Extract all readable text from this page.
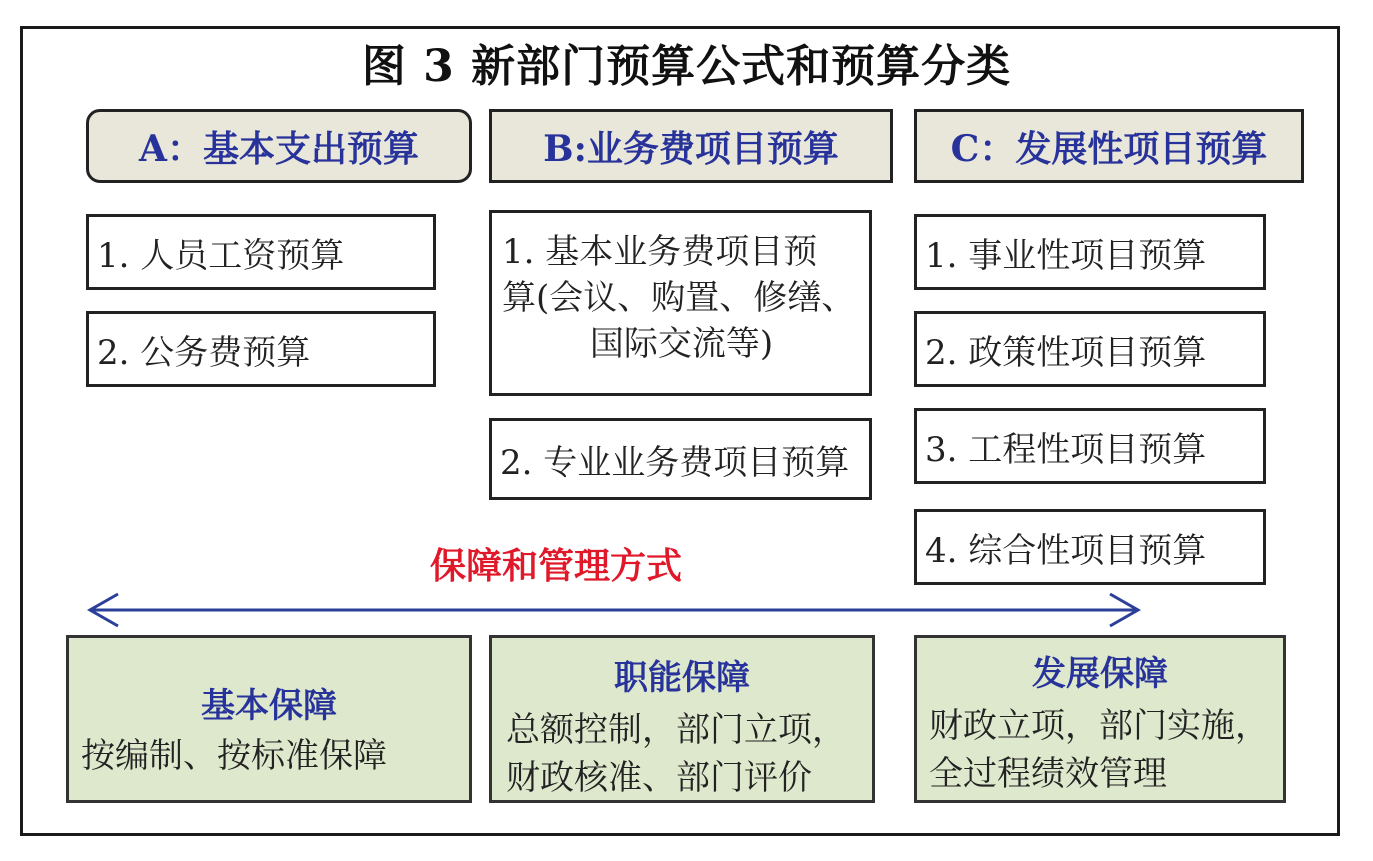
图 3 新部门预算公式和预算分类
A：基本支出预算
1. 人员工资预算
2. 公务费预算
B:业务费项目预算
1. 基本业务费项目预
算(会议、购置、修缮、
国际交流等)
2. 专业业务费项目预算
C：发展性项目预算
1. 事业性项目预算
2. 政策性项目预算
3. 工程性项目预算
4. 综合性项目预算
保障和管理方式
基本保障
按编制、按标准保障
职能保障
总额控制，部门立项，
财政核准、部门评价
发展保障
财政立项，部门实施，
全过程绩效管理
